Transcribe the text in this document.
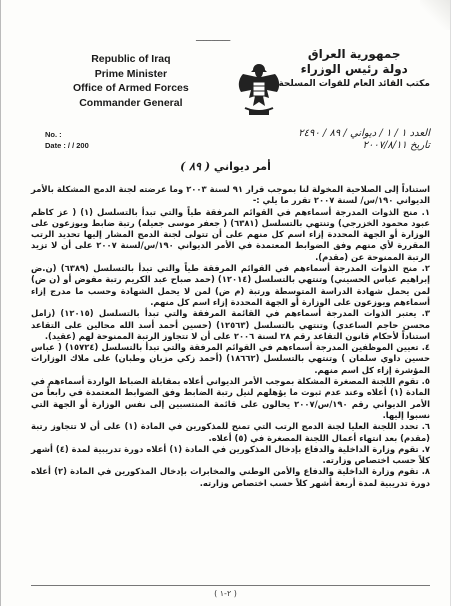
ـــــــــــــ
Republic of Iraq
Prime Minister
Office of Armed Forces
Commander General
جمهورية العراق
دولة رئيس الوزراء
مكتب القائد العام للقوات المسلحة
No. :
Date : / / 200
العدد ١ / ١ / ديواني / ٨٩ / ٢٤٩٠
تاريخ ٢٠٠٧/٨/١١
أمر ديواني ( ٨٩ )

استناداً إلى الصلاحية المخولة لنا بموجب قرار ٩١ لسنة ٢٠٠٣ وما عرضته لجنة الدمج المشكلة بالأمر الديواني ١٩٠/س/ لسنة ٢٠٠٧ تقرر ما يلي :-

١. منح الذوات المدرجة أسماءهم في القوائم المرفقة طياً والتي تبدأ بالتسلسل (١) ( عز كاظم عبود محمود الخزرجي) وتنتهي بالتسلسل (٦٣٨١) ( جعفر موسى جعيله) رتبة ضابط ويوزعون على الوزارة أو الجهة المحددة إزاء اسم كل منهم على أن تتولى لجنة الدمج المشار إليها تحديد الرتب المقررة لأي منهم وفق الضوابط المعتمدة في الأمر الديواني ١٩٠/س/لسنة ٢٠٠٧ على أن لا تزيد الرتبة الممنوحة عن (مقدم).

٢. منح الذوات المدرجة أسماءهم في القوائم المرفقة طياً والتي تبدأ بالتسلسل (٦٣٨٩) (ن.ض إبراهيم عباس الحسيني) وتنتهي بالتسلسل (١٢٠١٤) (حمد صباح عبد الكريم رتبة مفوض أو (ن ض) لمن يحمل شهادة الدراسة المتوسطة ورتبة (م ض) لمن لا يحمل الشهادة وحسب ما مدرج إزاء أسماءهم ويوزعون على الوزارة أو الجهة المحددة إزاء اسم كل منهم.

٣. يعتبر الذوات المدرجة أسماءهم في القائمة المرفقة والتي تبدأ بالتسلسل (١٢٠١٥) (زامل محسن حاجم الساعدي) وتنتهي بالتسلسل (١٢٥٦٣) (حسين أحمد أسد الله محالين على التقاعد استناداً لأحكام قانون التقاعد رقم ٢٨ لسنة ٢٠٠٦ على أن لا تتجاوز الرتبة الممنوحة لهم (عقيد).

٤. تعيين الموظفين المدرجة أسماءهم في القوائم المرفقة والتي تبدأ بالتسلسل (١٥٧٢٤) ( عباس حسين داوي سلمان ) وتنتهي بالتسلسل (١٨٦٦٢) (أحمد زكي مزبان وطبان) على ملاك الوزارات المؤشرة إزاء كل اسم منهم.

٥. تقوم اللجنة المصغرة المشكلة بموجب الأمر الديواني أعلاه بمقابلة الضباط الواردة أسماءهم في المادة (١) أعلاه وعند عدم ثبوت ما يؤهلهم لنيل رتبة الضابط وفق الضوابط المعتمدة في رابعاً من الأمر الديواني رقم ١٩٠/س/٢٠٠٧ يحالون على قائمة المنتسبين إلى نفس الوزارة أو الجهة التي نسبوا إليها.

٦. تحدد اللجنة العليا لجنة الدمج الرتب التي تمنح للمذكورين في المادة (١) على أن لا تتجاوز رتبة (مقدم) بعد انتهاء أعمال اللجنة المصغرة في (٥) أعلاه.

٧. تقوم وزارة الداخلية والدفاع بإدخال المذكورين في المادة (١) أعلاه دورة تدريبية لمدة (٤) أشهر كلاً حسب اختصاص وزارته.

٨. تقوم وزارة الداخلية والدفاع والأمن الوطني والمخابرات بإدخال المذكورين في المادة (٢) أعلاه دورة تدريبية لمدة أربعة أشهر كلاً حسب اختصاص وزارته.

( ٢-١ )
